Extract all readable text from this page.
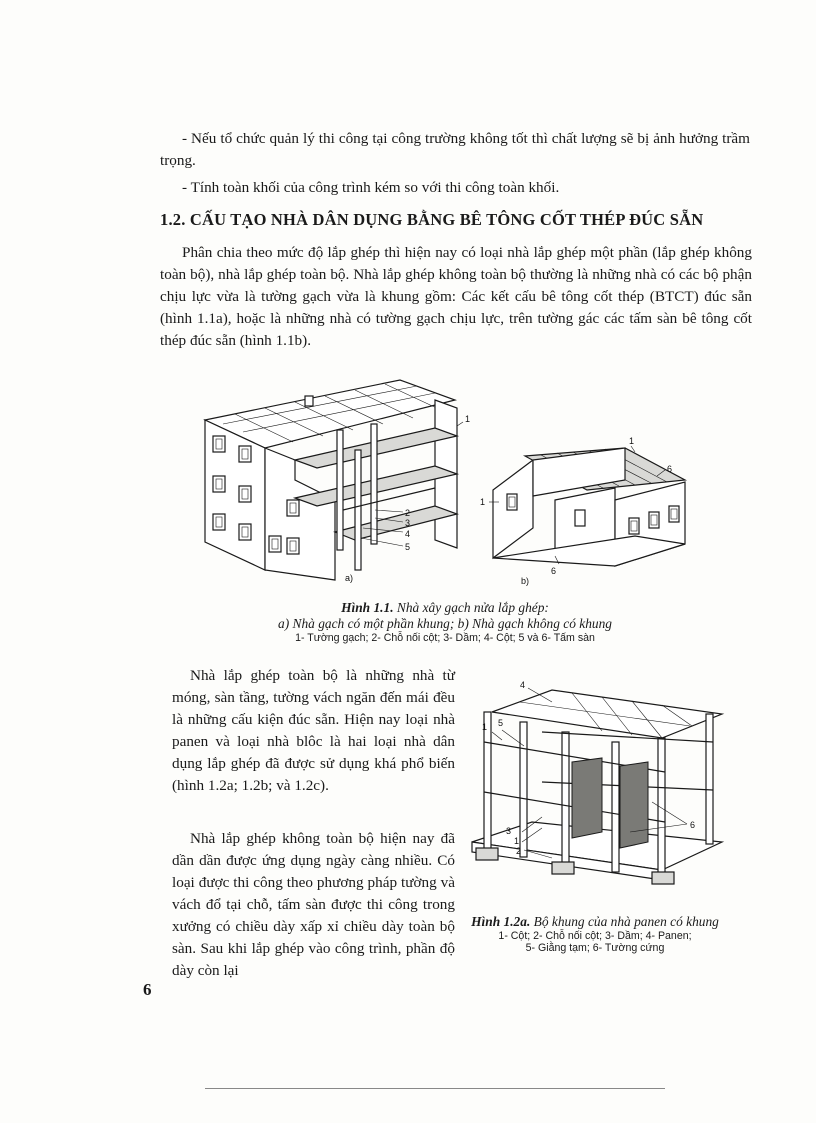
- Nếu tổ chức quản lý thi công tại công trường không tốt thì chất lượng sẽ bị ảnh hưởng trầm trọng.

- Tính toàn khối của công trình kém so với thi công toàn khối.

1.2. CẤU TẠO NHÀ DÂN DỤNG BẰNG BÊ TÔNG CỐT THÉP ĐÚC SẴN

Phân chia theo mức độ lắp ghép thì hiện nay có loại nhà lắp ghép một phần (lắp ghép không toàn bộ), nhà lắp ghép toàn bộ. Nhà lắp ghép không toàn bộ thường là những nhà có các bộ phận chịu lực vừa là tường gạch vừa là khung gồm: Các kết cấu bê tông cốt thép (BTCT) đúc sẵn (hình 1.1a), hoặc là những nhà có tường gạch chịu lực, trên tường gác các tấm sàn bê tông cốt thép đúc sẵn (hình 1.1b).

1
2
3
4
5
a)
1
1
6
6
b)
Hình 1.1. Nhà xây gạch nửa lắp ghép:
a) Nhà gạch có một phần khung; b) Nhà gạch không có khung
1- Tường gạch; 2- Chỗ nối cột; 3- Dầm; 4- Cột; 5 và 6- Tấm sàn

Nhà lắp ghép toàn bộ là những nhà từ móng, sàn tầng, tường vách ngăn đến mái đều là những cấu kiện đúc sẵn. Hiện nay loại nhà panen và loại nhà blôc là hai loại nhà dân dụng lắp ghép đã được sử dụng khá phổ biến (hình 1.2a; 1.2b; và 1.2c).

Nhà lắp ghép không toàn bộ hiện nay đã dần dần được ứng dụng ngày càng nhiều. Có loại được thi công theo phương pháp tường và vách đổ tại chỗ, tấm sàn được thi công trong xưởng có chiều dày xấp xỉ chiều dày toàn bộ sàn. Sau khi lắp ghép vào công trình, phần độ dày còn lại

4
1 5
3
1
2
6
Hình 1.2a. Bộ khung của nhà panen có khung
1- Cột; 2- Chỗ nối cột; 3- Dầm; 4- Panen;
5- Giằng tạm; 6- Tường cứng
6
